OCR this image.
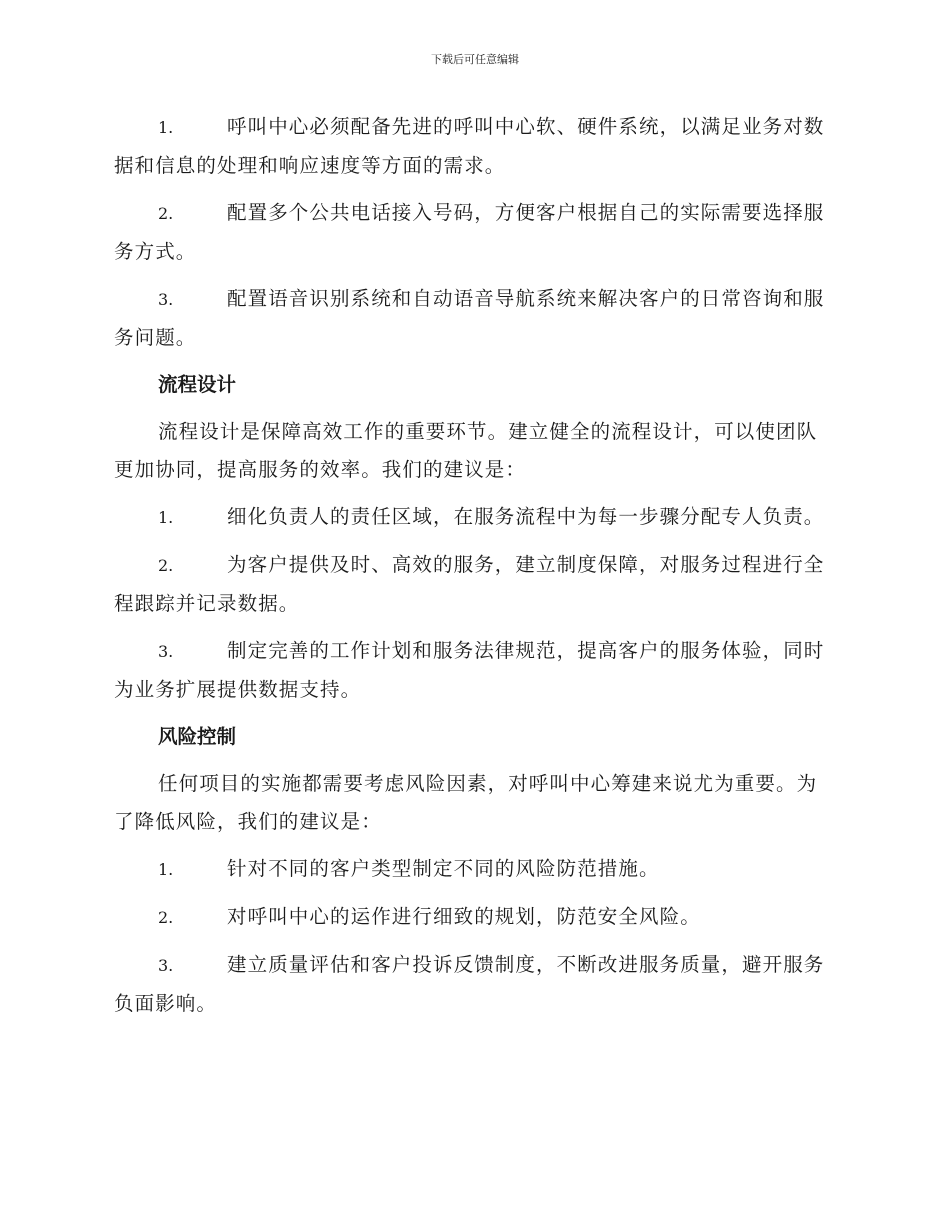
下载后可任意编辑

1.	呼叫中心必须配备先进的呼叫中心软、硬件系统，以满足业务对数据和信息的处理和响应速度等方面的需求。

2.	配置多个公共电话接入号码，方便客户根据自己的实际需要选择服务方式。

3.	配置语音识别系统和自动语音导航系统来解决客户的日常咨询和服务问题。

流程设计

流程设计是保障高效工作的重要环节。建立健全的流程设计，可以使团队更加协同，提高服务的效率。我们的建议是：

1.	细化负责人的责任区域，在服务流程中为每一步骤分配专人负责。

2.	为客户提供及时、高效的服务，建立制度保障，对服务过程进行全程跟踪并记录数据。

3.	制定完善的工作计划和服务法律规范，提高客户的服务体验，同时为业务扩展提供数据支持。

风险控制

任何项目的实施都需要考虑风险因素，对呼叫中心筹建来说尤为重要。为了降低风险，我们的建议是：

1.	针对不同的客户类型制定不同的风险防范措施。

2.	对呼叫中心的运作进行细致的规划，防范安全风险。

3.	建立质量评估和客户投诉反馈制度，不断改进服务质量，避开服务负面影响。
